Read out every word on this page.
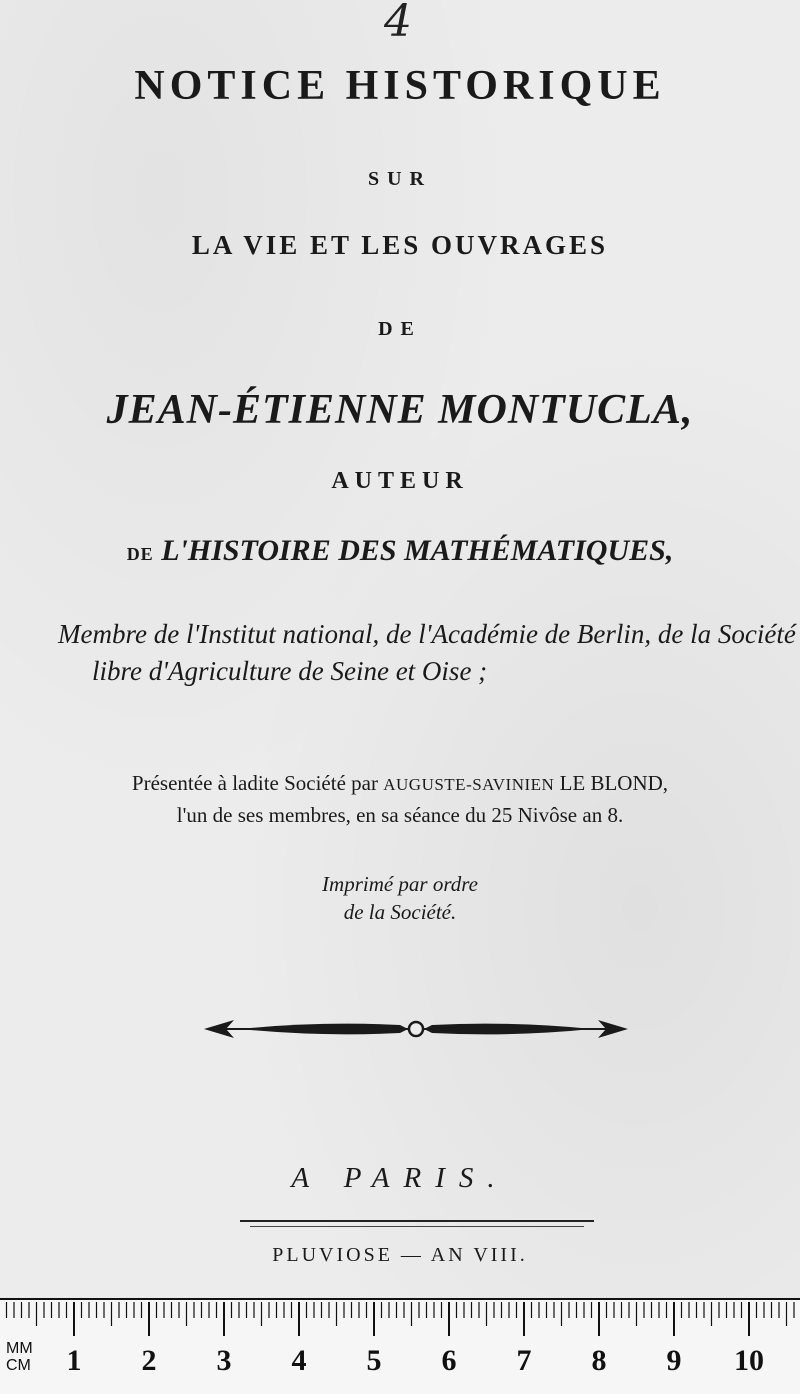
4
NOTICE HISTORIQUE
SUR
LA VIE ET LES OUVRAGES
DE
JEAN-ÉTIENNE MONTUCLA,
AUTEUR
DE L'HISTOIRE DES MATHÉMATIQUES,
Membre de l'Institut national, de l'Académie de Berlin, de la Société libre d'Agriculture de Seine et Oise ;
Présentée à ladite Société par AUGUSTE-SAVINIEN LE BLOND,
l'un de ses membres, en sa séance du 25 Nivôse an 8.
Imprimé par ordre
de la Société.
A PARIS.
PLUVIOSE — AN VIII.
MM
CM	1	2	3	4	5	6	7	8	9	10
